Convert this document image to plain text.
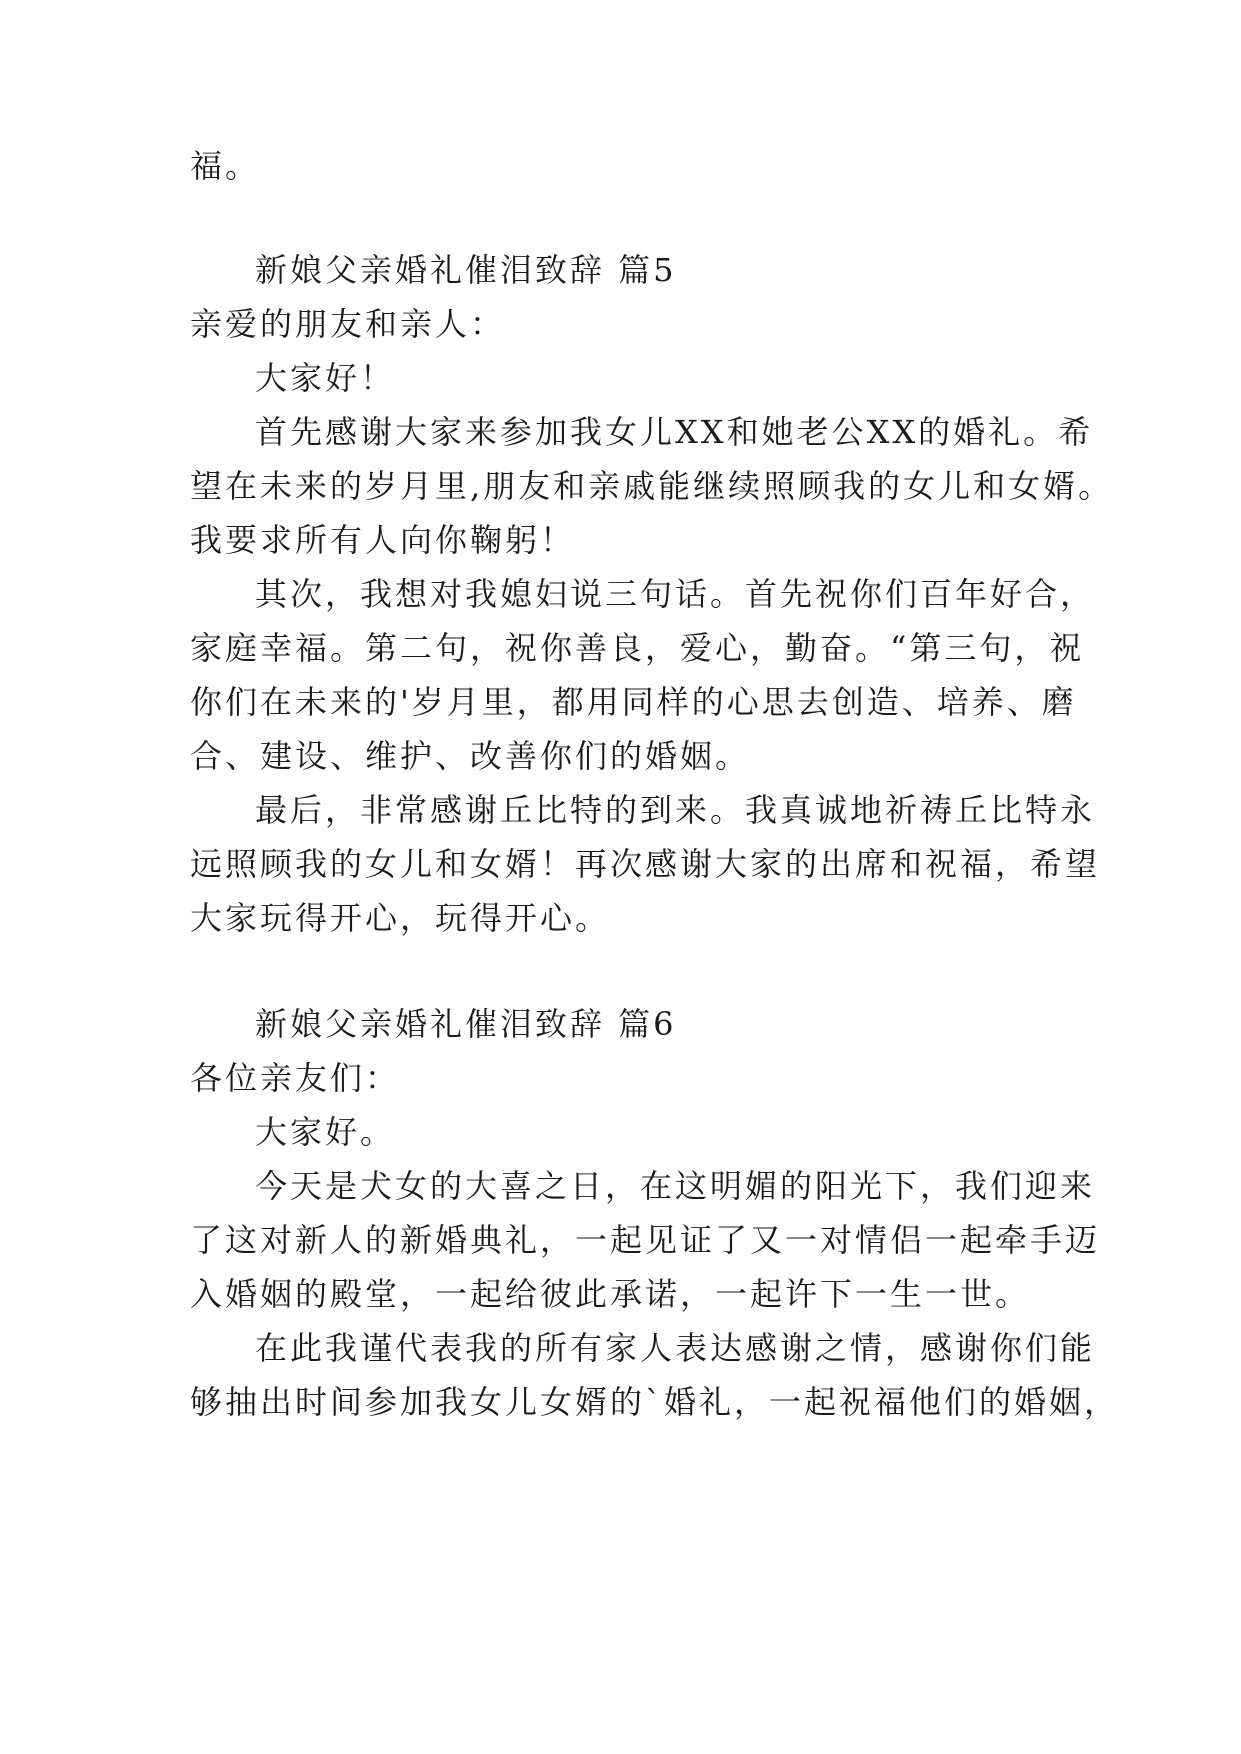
福。
新娘父亲婚礼催泪致辞 篇5
亲爱的朋友和亲人：
大家好！
首先感谢大家来参加我女儿XX和她老公XX的婚礼。希
望在未来的岁月里,朋友和亲戚能继续照顾我的女儿和女婿。
我要求所有人向你鞠躬！
其次，我想对我媳妇说三句话。首先祝你们百年好合，
家庭幸福。第二句，祝你善良，爱心，勤奋。“第三句，祝
你们在未来的'岁月里，都用同样的心思去创造、培养、磨
合、建设、维护、改善你们的婚姻。
最后，非常感谢丘比特的到来。我真诚地祈祷丘比特永
远照顾我的女儿和女婿！再次感谢大家的出席和祝福，希望
大家玩得开心，玩得开心。
新娘父亲婚礼催泪致辞 篇6
各位亲友们：
大家好。
今天是犬女的大喜之日，在这明媚的阳光下，我们迎来
了这对新人的新婚典礼，一起见证了又一对情侣一起牵手迈
入婚姻的殿堂，一起给彼此承诺，一起许下一生一世。
在此我谨代表我的所有家人表达感谢之情，感谢你们能
够抽出时间参加我女儿女婿的`婚礼，一起祝福他们的婚姻，
